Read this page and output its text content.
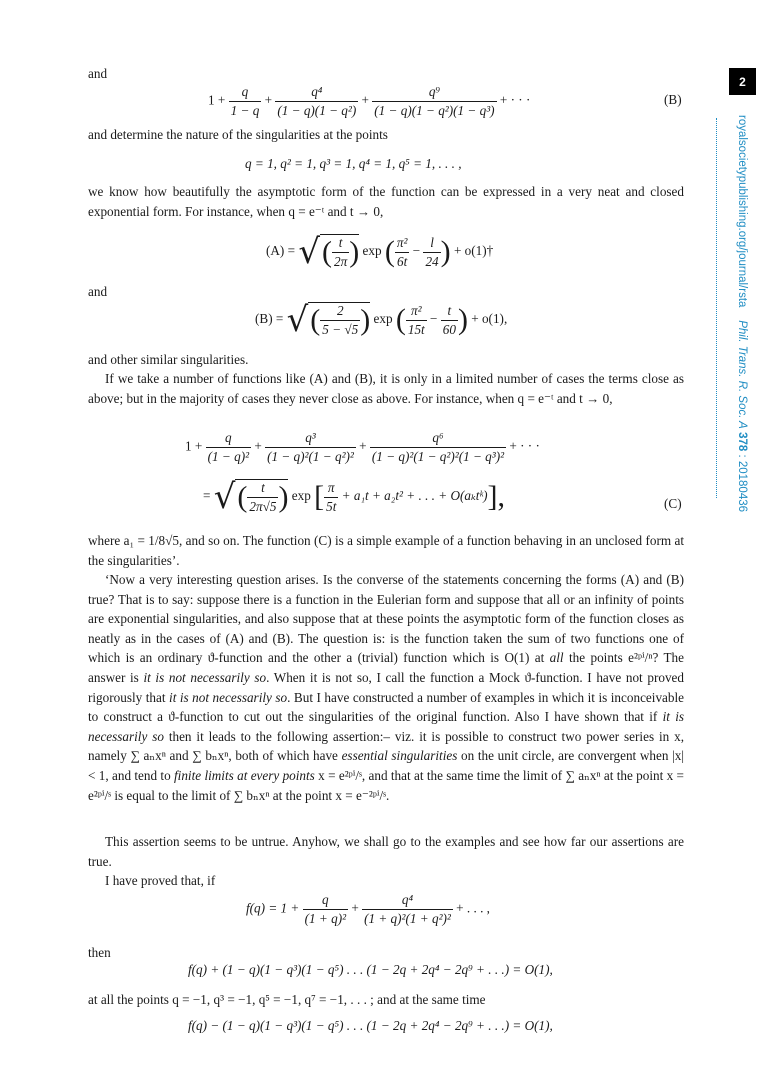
2
royalsocietypublishing.org/journal/rsta    Phil. Trans. R. Soc. A 378 : 20180436
and
$1 + \frac{q}{1 - q} + \frac{\text{q⁴}}{\text{(1 − q)(1 − q²)}} + \frac{\text{q⁹}}{\text{(1 − q)(1 − q²)(1 − q³)}}$ + · · ·	(B)
and determine the nature of the singularities at the points
q = 1, q² = 1, q³ = 1, q⁴ = 1, q⁵ = 1, . . . ,
we know how beautifully the asymptotic form of the function can be expressed in a very neat and closed exponential form. For instance, when q = e⁻ᵗ and t → 0,
(A) = √( $\frac{t}{2\pi}$ ) exp ( $\frac{\text{π²}}{6t} - \frac{l}{24}$ ) + o(1)†
and
(B) = √( $\frac{2}{5 - √5}$ ) exp ( $\frac{\text{π²}}{15t} - \frac{t}{60}$ ) + o(1),
and other similar singularities.
If we take a number of functions like (A) and (B), it is only in a limited number of cases the terms close as above; but in the majority of cases they never close as above. For instance, when q = e⁻ᵗ and t → 0,
$1 + \frac{q}{\text{(1 − q)²}} + \frac{\text{q³}}{\text{(1 − q)²(1 − q²)²}} + \frac{\text{q⁶}}{\text{(1 − q)²(1 − q²)²(1 − q³)²}}$ + · · ·
= √( $\frac{t}{2\pi√5}$ ) exp [ $\frac{\pi}{5t} + a_1t + a_2t^2$ + . . . + O(aₖtᵏ)],	(C)
where a₁ = 1/8√5, and so on. The function (C) is a simple example of a function behaving in an unclosed form at the singularities’.
‘Now a very interesting question arises. Is the converse of the statements concerning the forms (A) and (B) true? That is to say: suppose there is a function in the Eulerian form and suppose that all or an infinity of points are exponential singularities, and also suppose that at these points the asymptotic form of the function closes as neatly as in the cases of (A) and (B). The question is: is the function taken the sum of two functions one of which is an ordinary ϑ-function and the other a (trivial) function which is O(1) at all the points e²ᵖⁱ/ⁿ? The answer is it is not necessarily so. When it is not so, I call the function a Mock ϑ-function. I have not proved rigorously that it is not necessarily so. But I have constructed a number of examples in which it is inconceivable to construct a ϑ-function to cut out the singularities of the original function. Also I have shown that if it is necessarily so then it leads to the following assertion:– viz. it is possible to construct two power series in x, namely ∑ aₙxⁿ and ∑ bₙxⁿ, both of which have essential singularities on the unit circle, are convergent when |x| < 1, and tend to finite limits at every points x = e²ᵖⁱ/ˢ, and that at the same time the limit of ∑ aₙxⁿ at the point x = e²ᵖⁱ/ˢ is equal to the limit of ∑ bₙxⁿ at the point x = e⁻²ᵖⁱ/ˢ.
This assertion seems to be untrue. Anyhow, we shall go to the examples and see how far our assertions are true.
I have proved that, if
$f(q) = 1 + \frac{q}{\text{(1 + q)²}} + \frac{\text{q⁴}}{\text{(1 + q)²(1 + q²)²}}$ + . . . ,
then
f(q) + (1 − q)(1 − q³)(1 − q⁵) . . . (1 − 2q + 2q⁴ − 2q⁹ + . . .) = O(1),
at all the points q = −1, q³ = −1, q⁵ = −1, q⁷ = −1, . . . ; and at the same time
f(q) − (1 − q)(1 − q³)(1 − q⁵) . . . (1 − 2q + 2q⁴ − 2q⁹ + . . .) = O(1),
